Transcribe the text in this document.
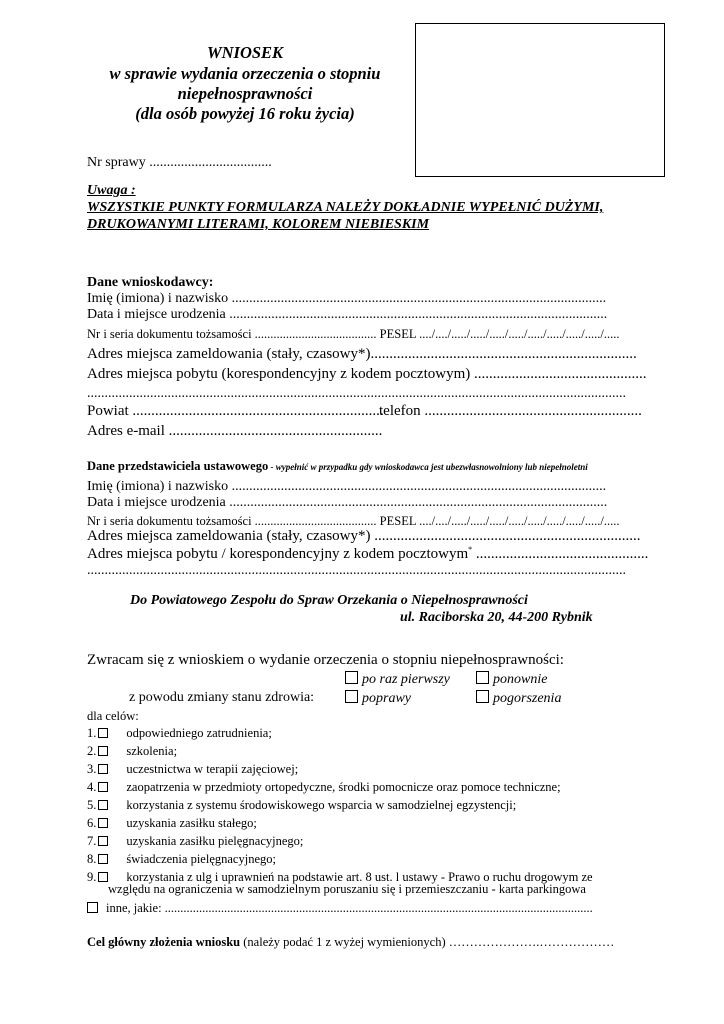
WNIOSEK
w sprawie wydania orzeczenia o stopniu
niepełnosprawności
(dla osób powyżej 16 roku życia)
Nr sprawy ...................................
Uwaga :
WSZYSTKIE PUNKTY FORMULARZA NALEŻY DOKŁADNIE WYPEŁNIĆ DUŻYMI,
DRUKOWANYMI LITERAMI, KOLOREM NIEBIESKIM
Dane wnioskodawcy:
Imię (imiona) i nazwisko ...........................................................................................................
Data i miejsce urodzenia ............................................................................................................
Nr i seria dokumentu tożsamości ....................................... PESEL ..../..../...../...../...../...../...../...../...../...../.....
Adres miejsca zameldowania (stały, czasowy*).......................................................................
Adres miejsca pobytu (korespondencyjny z kodem pocztowym) ..............................................
..........................................................................................................................................................
Powiat ...................................................................
telefon ..........................................................
Adres e-mail .........................................................
Dane przedstawiciela ustawowego - wypełnić w przypadku gdy wnioskodawca jest ubezwłasnowolniony lub niepełnoletni
Imię (imiona) i nazwisko ...........................................................................................................
Data i miejsce urodzenia ............................................................................................................
Nr i seria dokumentu tożsamości ....................................... PESEL ..../..../...../...../...../...../...../...../...../...../.....
Adres miejsca zameldowania (stały, czasowy*) .......................................................................
Adres miejsca pobytu / korespondencyjny z kodem pocztowym* ..............................................
..........................................................................................................................................................
Do Powiatowego Zespołu do Spraw Orzekania o Niepełnosprawności
ul. Raciborska 20, 44-200 Rybnik
Zwracam się z wnioskiem o wydanie orzeczenia o stopniu niepełnosprawności:
po raz pierwszy	ponownie
z powodu zmiany stanu zdrowia:	poprawy	pogorszenia
dla celów:
1. odpowiedniego zatrudnienia;
2. szkolenia;
3. uczestnictwa w terapii zajęciowej;
4. zaopatrzenia w przedmioty ortopedyczne, środki pomocnicze oraz pomoce techniczne;
5. korzystania z systemu środowiskowego wsparcia w samodzielnej egzystencji;
6. uzyskania zasiłku stałego;
7. uzyskania zasiłku pielęgnacyjnego;
8. świadczenia pielęgnacyjnego;
9. korzystania z ulg i uprawnień na podstawie art. 8 ust. l ustawy - Prawo o ruchu drogowym ze
względu na ograniczenia w samodzielnym poruszaniu się i przemieszczaniu - karta parkingowa
inne, jakie: .........................................................................................................................................
Cel główny złożenia wniosku (należy podać 1 z wyżej wymienionych) ………………….………………
